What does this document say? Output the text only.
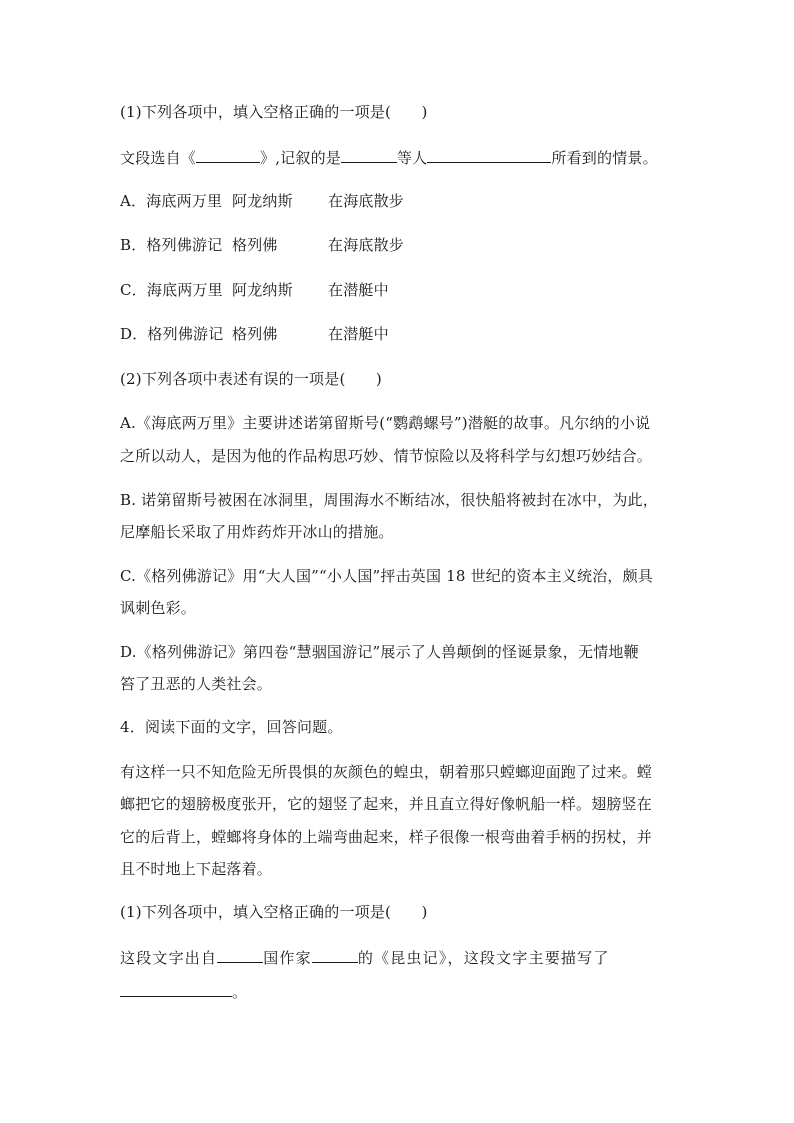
(1)下列各项中，填入空格正确的一项是(　　)
文段选自《	》,记叙的是	等人	所看到的情景。
A．海底两万里 阿龙纳斯 在海底散步
B．格列佛游记 格列佛	在海底散步
C．海底两万里 阿龙纳斯 在潜艇中
D．格列佛游记 格列佛	在潜艇中
(2)下列各项中表述有误的一项是(　　)
A.《海底两万里》主要讲述诺第留斯号(“鹦鹉螺号”)潜艇的故事。凡尔纳的小说
之所以动人，是因为他的作品构思巧妙、情节惊险以及将科学与幻想巧妙结合。
B. 诺第留斯号被困在冰洞里，周围海水不断结冰，很快船将被封在冰中，为此，
尼摩船长采取了用炸药炸开冰山的措施。
C.《格列佛游记》用“大人国”“小人国”抨击英国 18 世纪的资本主义统治，颇具
讽刺色彩。
D.《格列佛游记》第四卷“慧骃国游记”展示了人兽颠倒的怪诞景象，无情地鞭
笞了丑恶的人类社会。
4．阅读下面的文字，回答问题。
有这样一只不知危险无所畏惧的灰颜色的蝗虫，朝着那只螳螂迎面跑了过来。螳
螂把它的翅膀极度张开，它的翅竖了起来，并且直立得好像帆船一样。翅膀竖在
它的后背上，螳螂将身体的上端弯曲起来，样子很像一根弯曲着手柄的拐杖，并
且不时地上下起落着。
(1)下列各项中，填入空格正确的一项是(　　)
这段文字出自	国作家	的《昆虫记》，这段文字主要描写了
。
